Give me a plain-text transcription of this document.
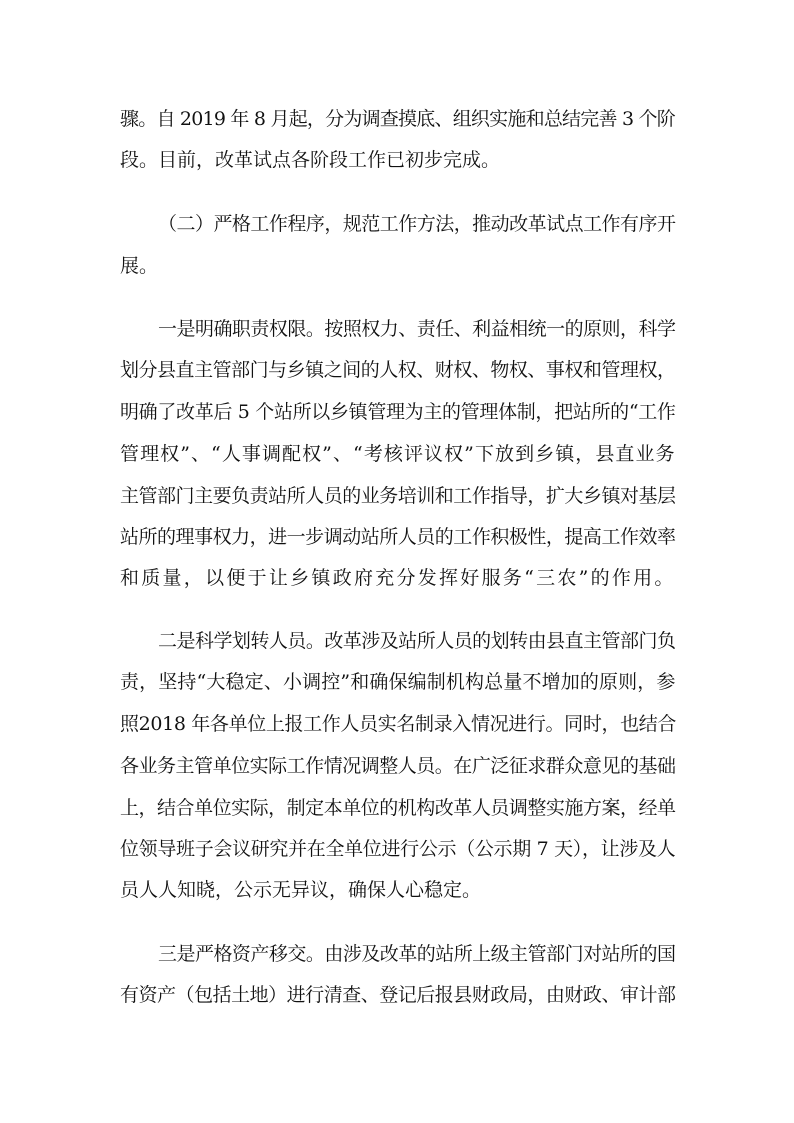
骤。自 2019 年 8 月起，分为调查摸底、组织实施和总结完善 3 个阶
段。目前，改革试点各阶段工作已初步完成。
（二）严格工作程序，规范工作方法，推动改革试点工作有序开
展。
一是明确职责权限。按照权力、责任、利益相统一的原则，科学
划分县直主管部门与乡镇之间的人权、财权、物权、事权和管理权，
明确了改革后 5 个站所以乡镇管理为主的管理体制，把站所的“工作
管理权”、“人事调配权”、“考核评议权”下放到乡镇，县直业务
主管部门主要负责站所人员的业务培训和工作指导，扩大乡镇对基层
站所的理事权力，进一步调动站所人员的工作积极性，提高工作效率
和质量，以便于让乡镇政府充分发挥好服务“三农”的作用。
二是科学划转人员。改革涉及站所人员的划转由县直主管部门负
责，坚持“大稳定、小调控”和确保编制机构总量不增加的原则，参
照2018 年各单位上报工作人员实名制录入情况进行。同时，也结合
各业务主管单位实际工作情况调整人员。在广泛征求群众意见的基础
上，结合单位实际，制定本单位的机构改革人员调整实施方案，经单
位领导班子会议研究并在全单位进行公示（公示期 7 天），让涉及人
员人人知晓，公示无异议，确保人心稳定。
三是严格资产移交。由涉及改革的站所上级主管部门对站所的国
有资产（包括土地）进行清查、登记后报县财政局，由财政、审计部
